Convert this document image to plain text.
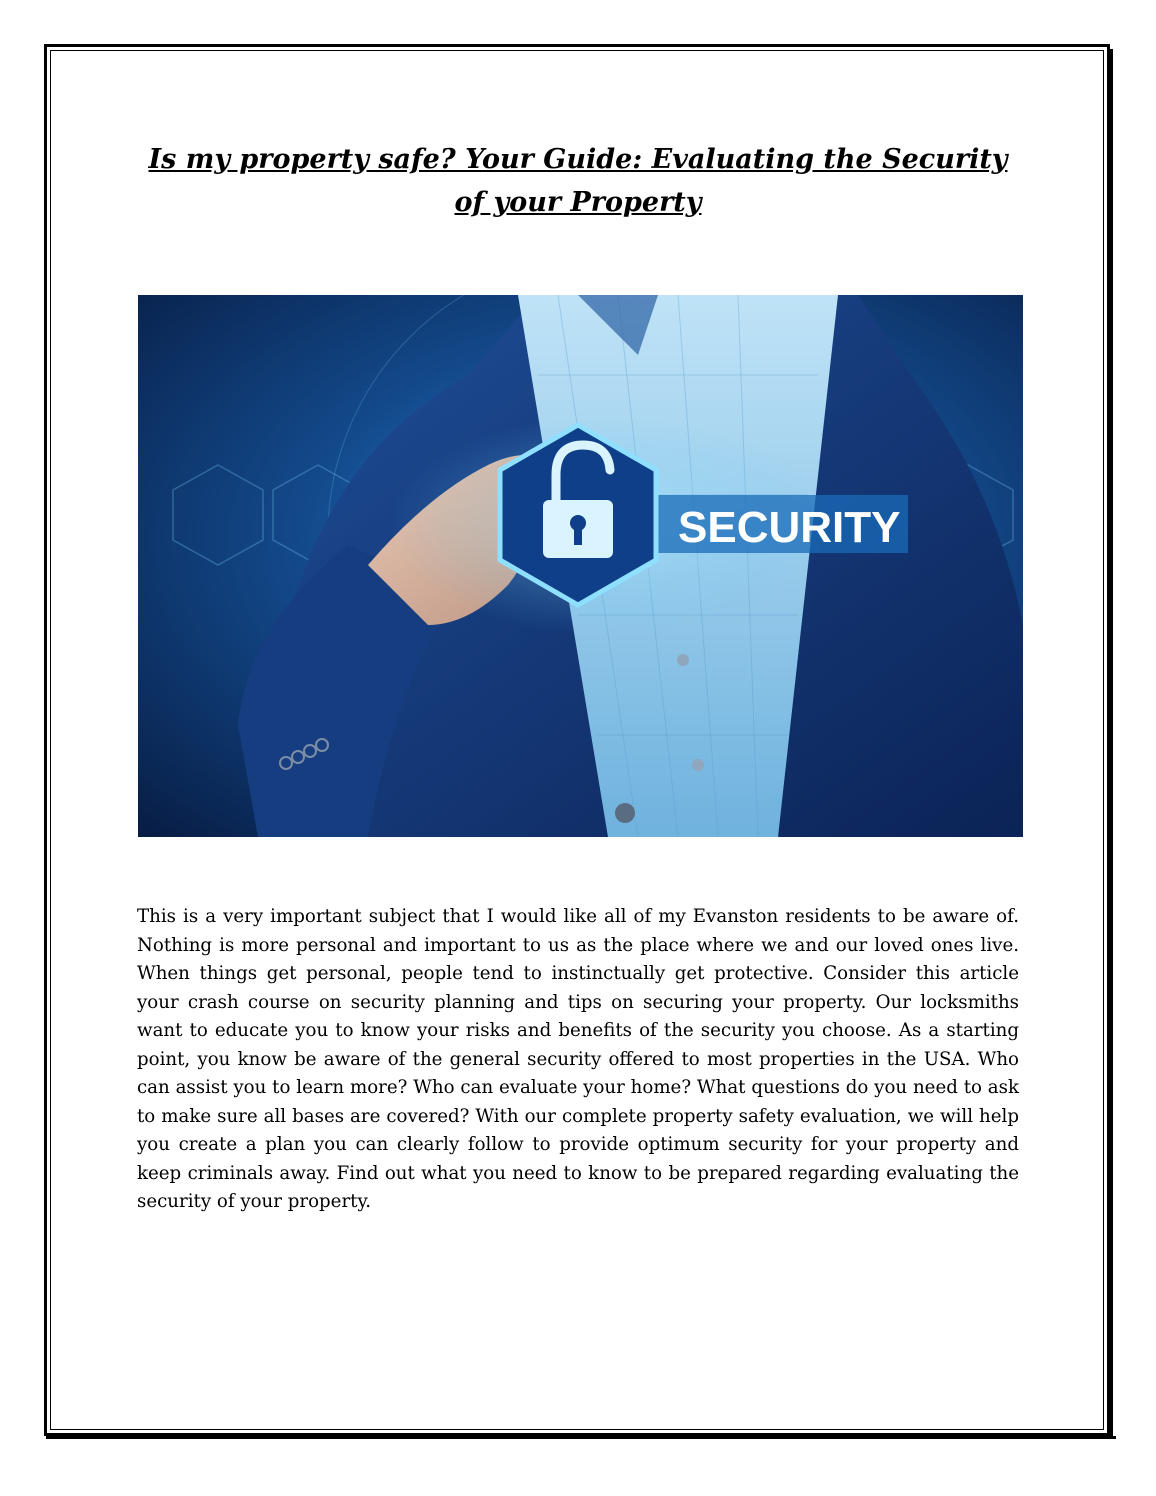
Is my property safe? Your Guide: Evaluating the Security of your Property
SECURITY

This is a very important subject that I would like all of my Evanston residents to be aware of. Nothing is more personal and important to us as the place where we and our loved ones live. When things get personal, people tend to instinctually get protective. Consider this article your crash course on security planning and tips on securing your property. Our locksmiths want to educate you to know your risks and benefits of the security you choose. As a starting point, you know be aware of the general security offered to most properties in the USA. Who can assist you to learn more? Who can evaluate your home? What questions do you need to ask to make sure all bases are covered? With our complete property safety evaluation, we will help you create a plan you can clearly follow to provide optimum security for your property and keep criminals away. Find out what you need to know to be prepared regarding evaluating the security of your property.
